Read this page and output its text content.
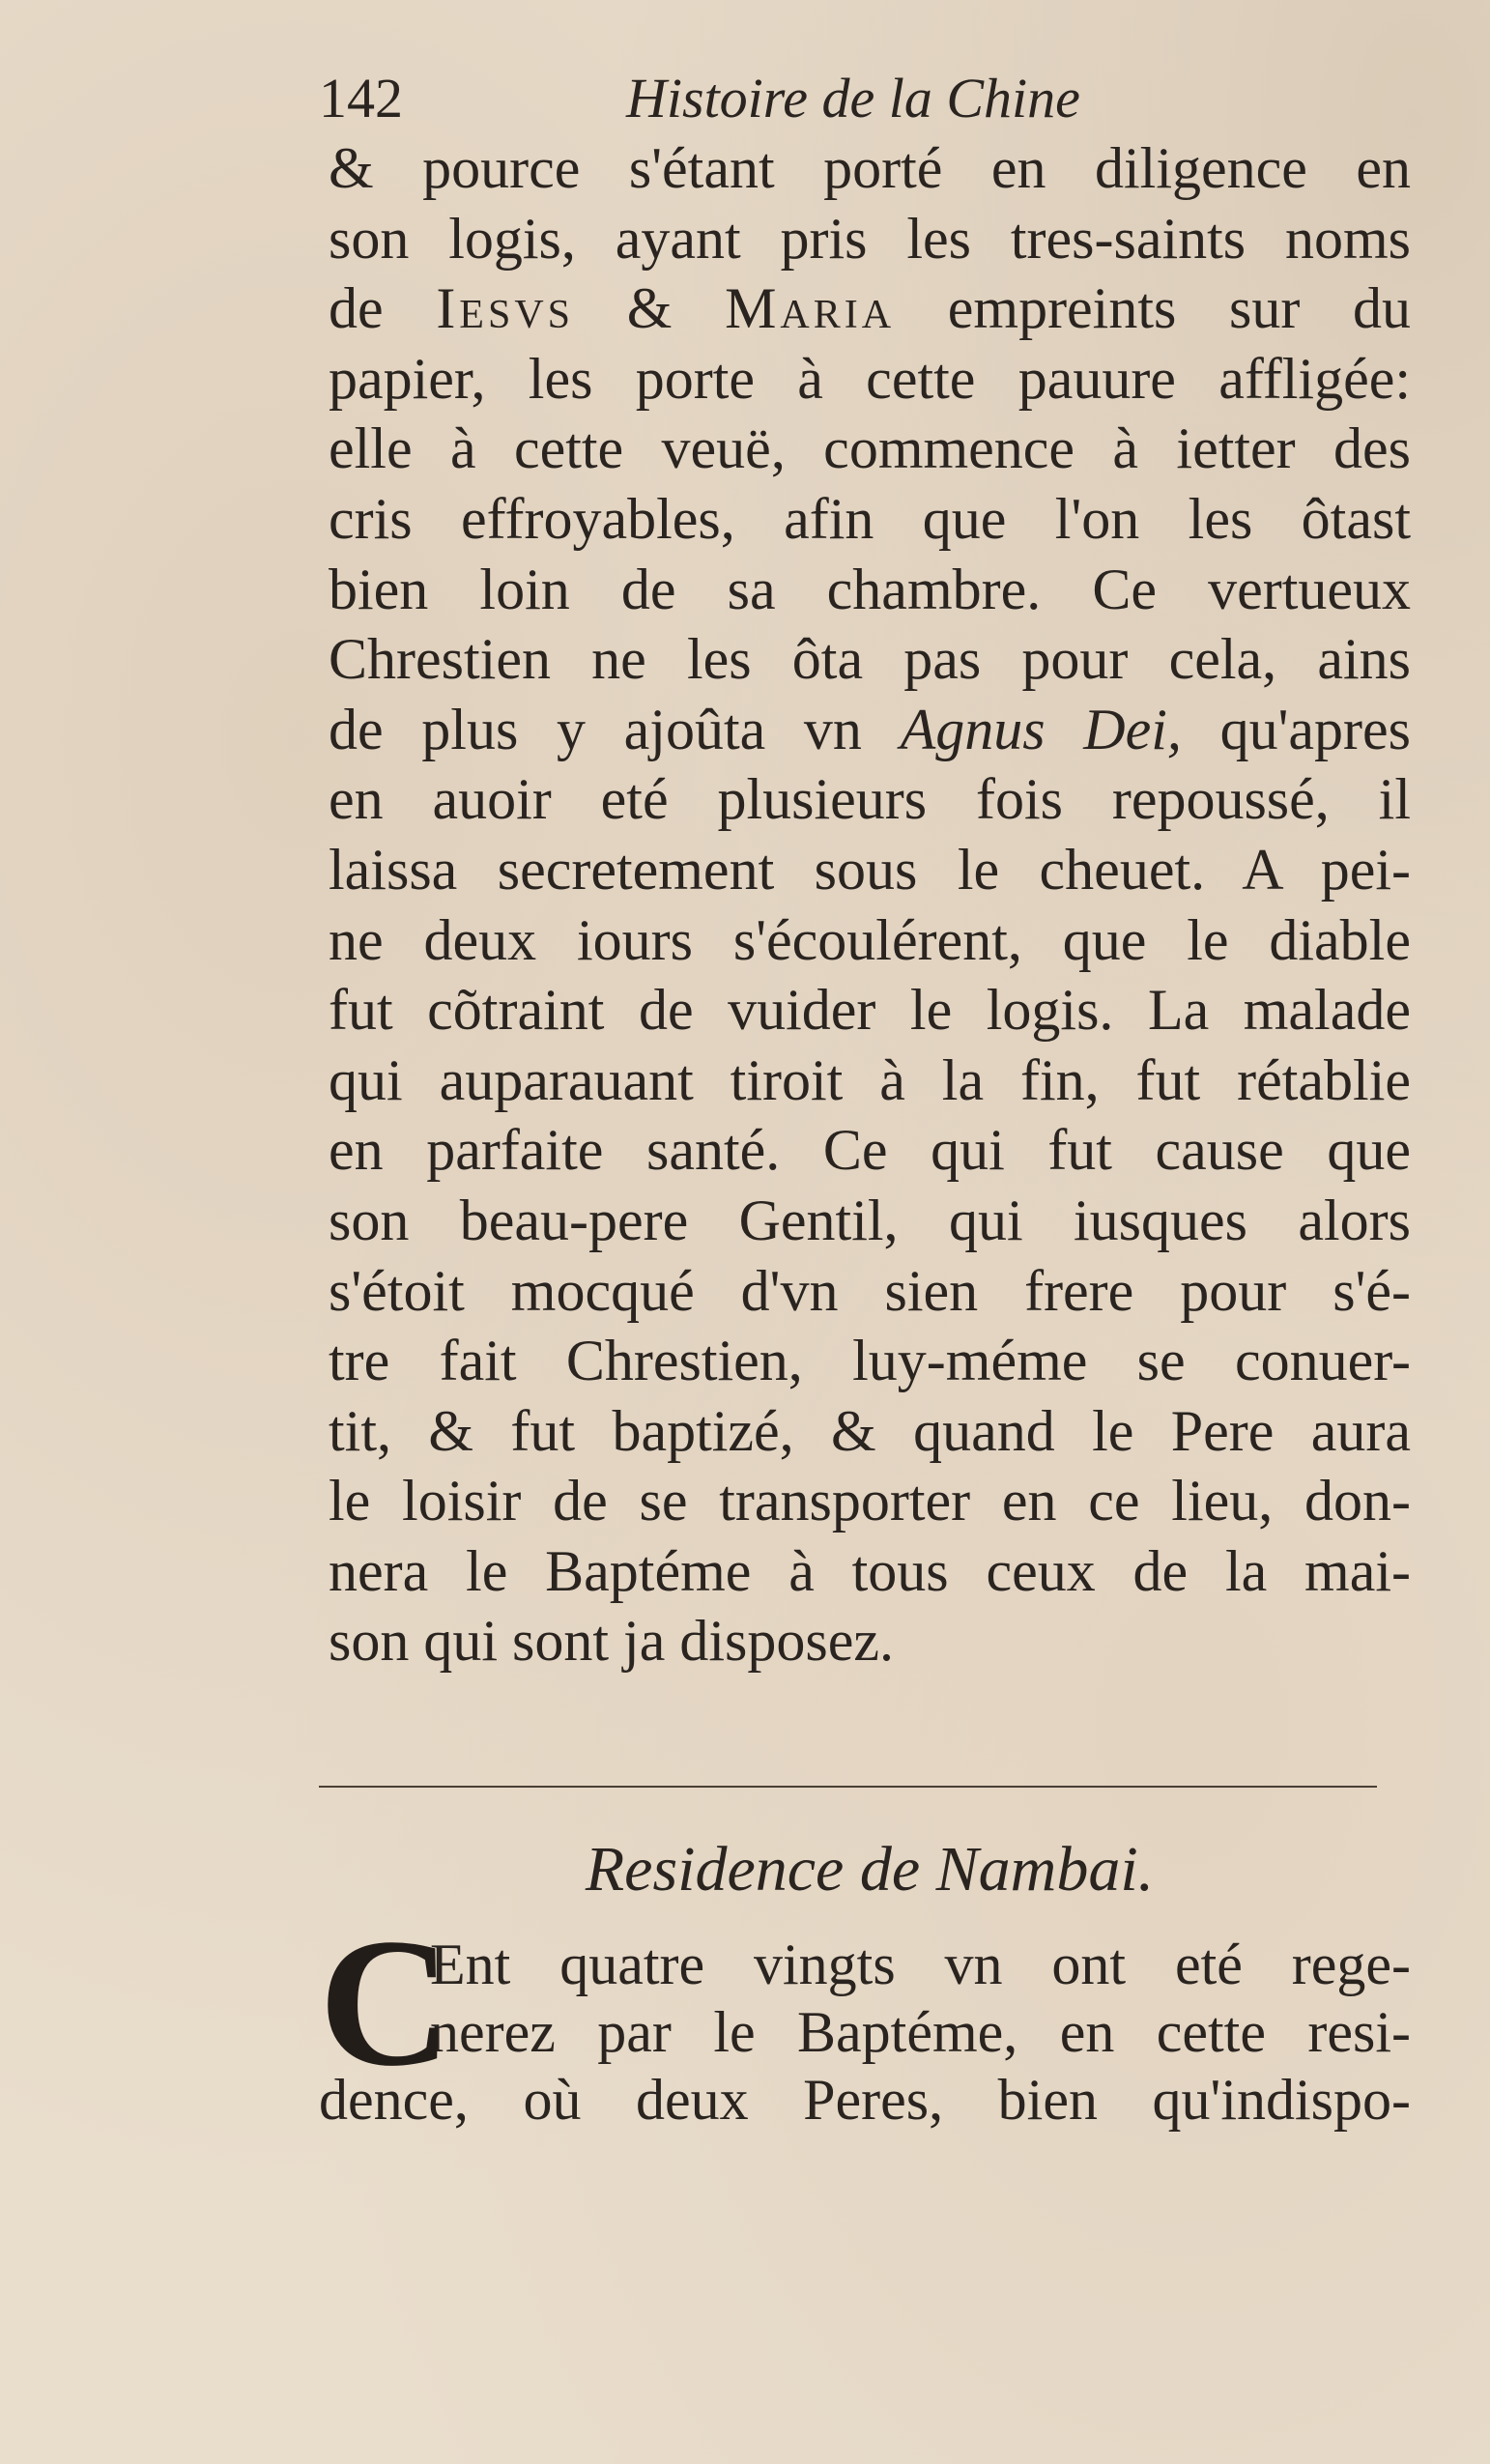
142	Histoire de la Chine
& pource s'étant porté en diligence en
son logis, ayant pris les tres-saints noms
de Iesvs & Maria empreints sur du
papier, les porte à cette pauure affligée:
elle à cette veuë, commence à ietter des
cris effroyables, afin que l'on les ôtast
bien loin de sa chambre. Ce vertueux
Chrestien ne les ôta pas pour cela, ains
de plus y ajoûta vn Agnus Dei, qu'apres
en auoir eté plusieurs fois repoussé, il
laissa secretement sous le cheuet. A pei-
ne deux iours s'écoulérent, que le diable
fut cõtraint de vuider le logis. La malade
qui auparauant tiroit à la fin, fut rétablie
en parfaite santé. Ce qui fut cause que
son beau-pere Gentil, qui iusques alors
s'étoit mocqué d'vn sien frere pour s'é-
tre fait Chrestien, luy-méme se conuer-
tit, & fut baptizé, & quand le Pere aura
le loisir de se transporter en ce lieu, don-
nera le Baptéme à tous ceux de la mai-
son qui sont ja disposez.
Residence de Nambai.
C
Ent quatre vingts vn ont eté rege-
nerez par le Baptéme, en cette resi-
dence, où deux Peres, bien qu'indispo-
